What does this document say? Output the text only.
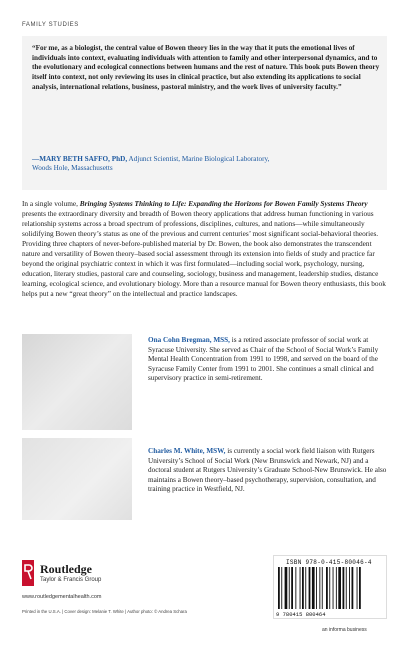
FAMILY STUDIES
“For me, as a biologist, the central value of Bowen theory lies in the way that it puts the emotional lives of individuals into context, evaluating individuals with attention to family and other interpersonal dynamics, and to the evolutionary and ecological connections between humans and the rest of nature. This book puts Bowen theory itself into context, not only reviewing its uses in clinical practice, but also extending its applications to social analysis, international relations, business, pastoral ministry, and the work lives of university faculty.”
—MARY BETH SAFFO, PhD, Adjunct Scientist, Marine Biological Laboratory,
Woods Hole, Massachusetts
In a single volume, Bringing Systems Thinking to Life: Expanding the Horizons for Bowen Family Systems Theory presents the extraordinary diversity and breadth of Bowen theory applications that address human functioning in various relationship systems across a broad spectrum of professions, disciplines, cultures, and nations—while simultaneously solidifying Bowen theory’s status as one of the previous and current centuries’ most significant social-behavioral theories. Providing three chapters of never-before-published material by Dr. Bowen, the book also demonstrates the transcendent nature and versatility of Bowen theory–based social assessment through its extension into fields of study and practice far beyond the original psychiatric context in which it was first formulated—including social work, psychology, nursing, education, literary studies, pastoral care and counseling, sociology, business and management, leadership studies, distance learning, ecological science, and evolutionary biology. More than a resource manual for Bowen theory enthusiasts, this book helps put a new “great theory” on the intellectual and practice landscapes.
Ona Cohn Bregman, MSS, is a retired associate professor of social work at Syracuse University. She served as Chair of the School of Social Work’s Family Mental Health Concentration from 1991 to 1998, and served on the board of the Syracuse Family Center from 1991 to 2001. She continues a small clinical and supervisory practice in semi-retirement.
Charles M. White, MSW, is currently a social work field liaison with Rutgers University’s School of Social Work (New Brunswick and Newark, NJ) and a doctoral student at Rutgers University’s Graduate School-New Brunswick. He also maintains a Bowen theory–based psychotherapy, supervision, consultation, and training practice in Westfield, NJ.
Routledge
Taylor & Francis Group
www.routledgementalhealth.com
Printed in the U.S.A. | Cover design: Melanie T. White | Author photo: © Andrea Schara
ISBN 978-0-415-80046-4
9 780415 800464
an informa business
